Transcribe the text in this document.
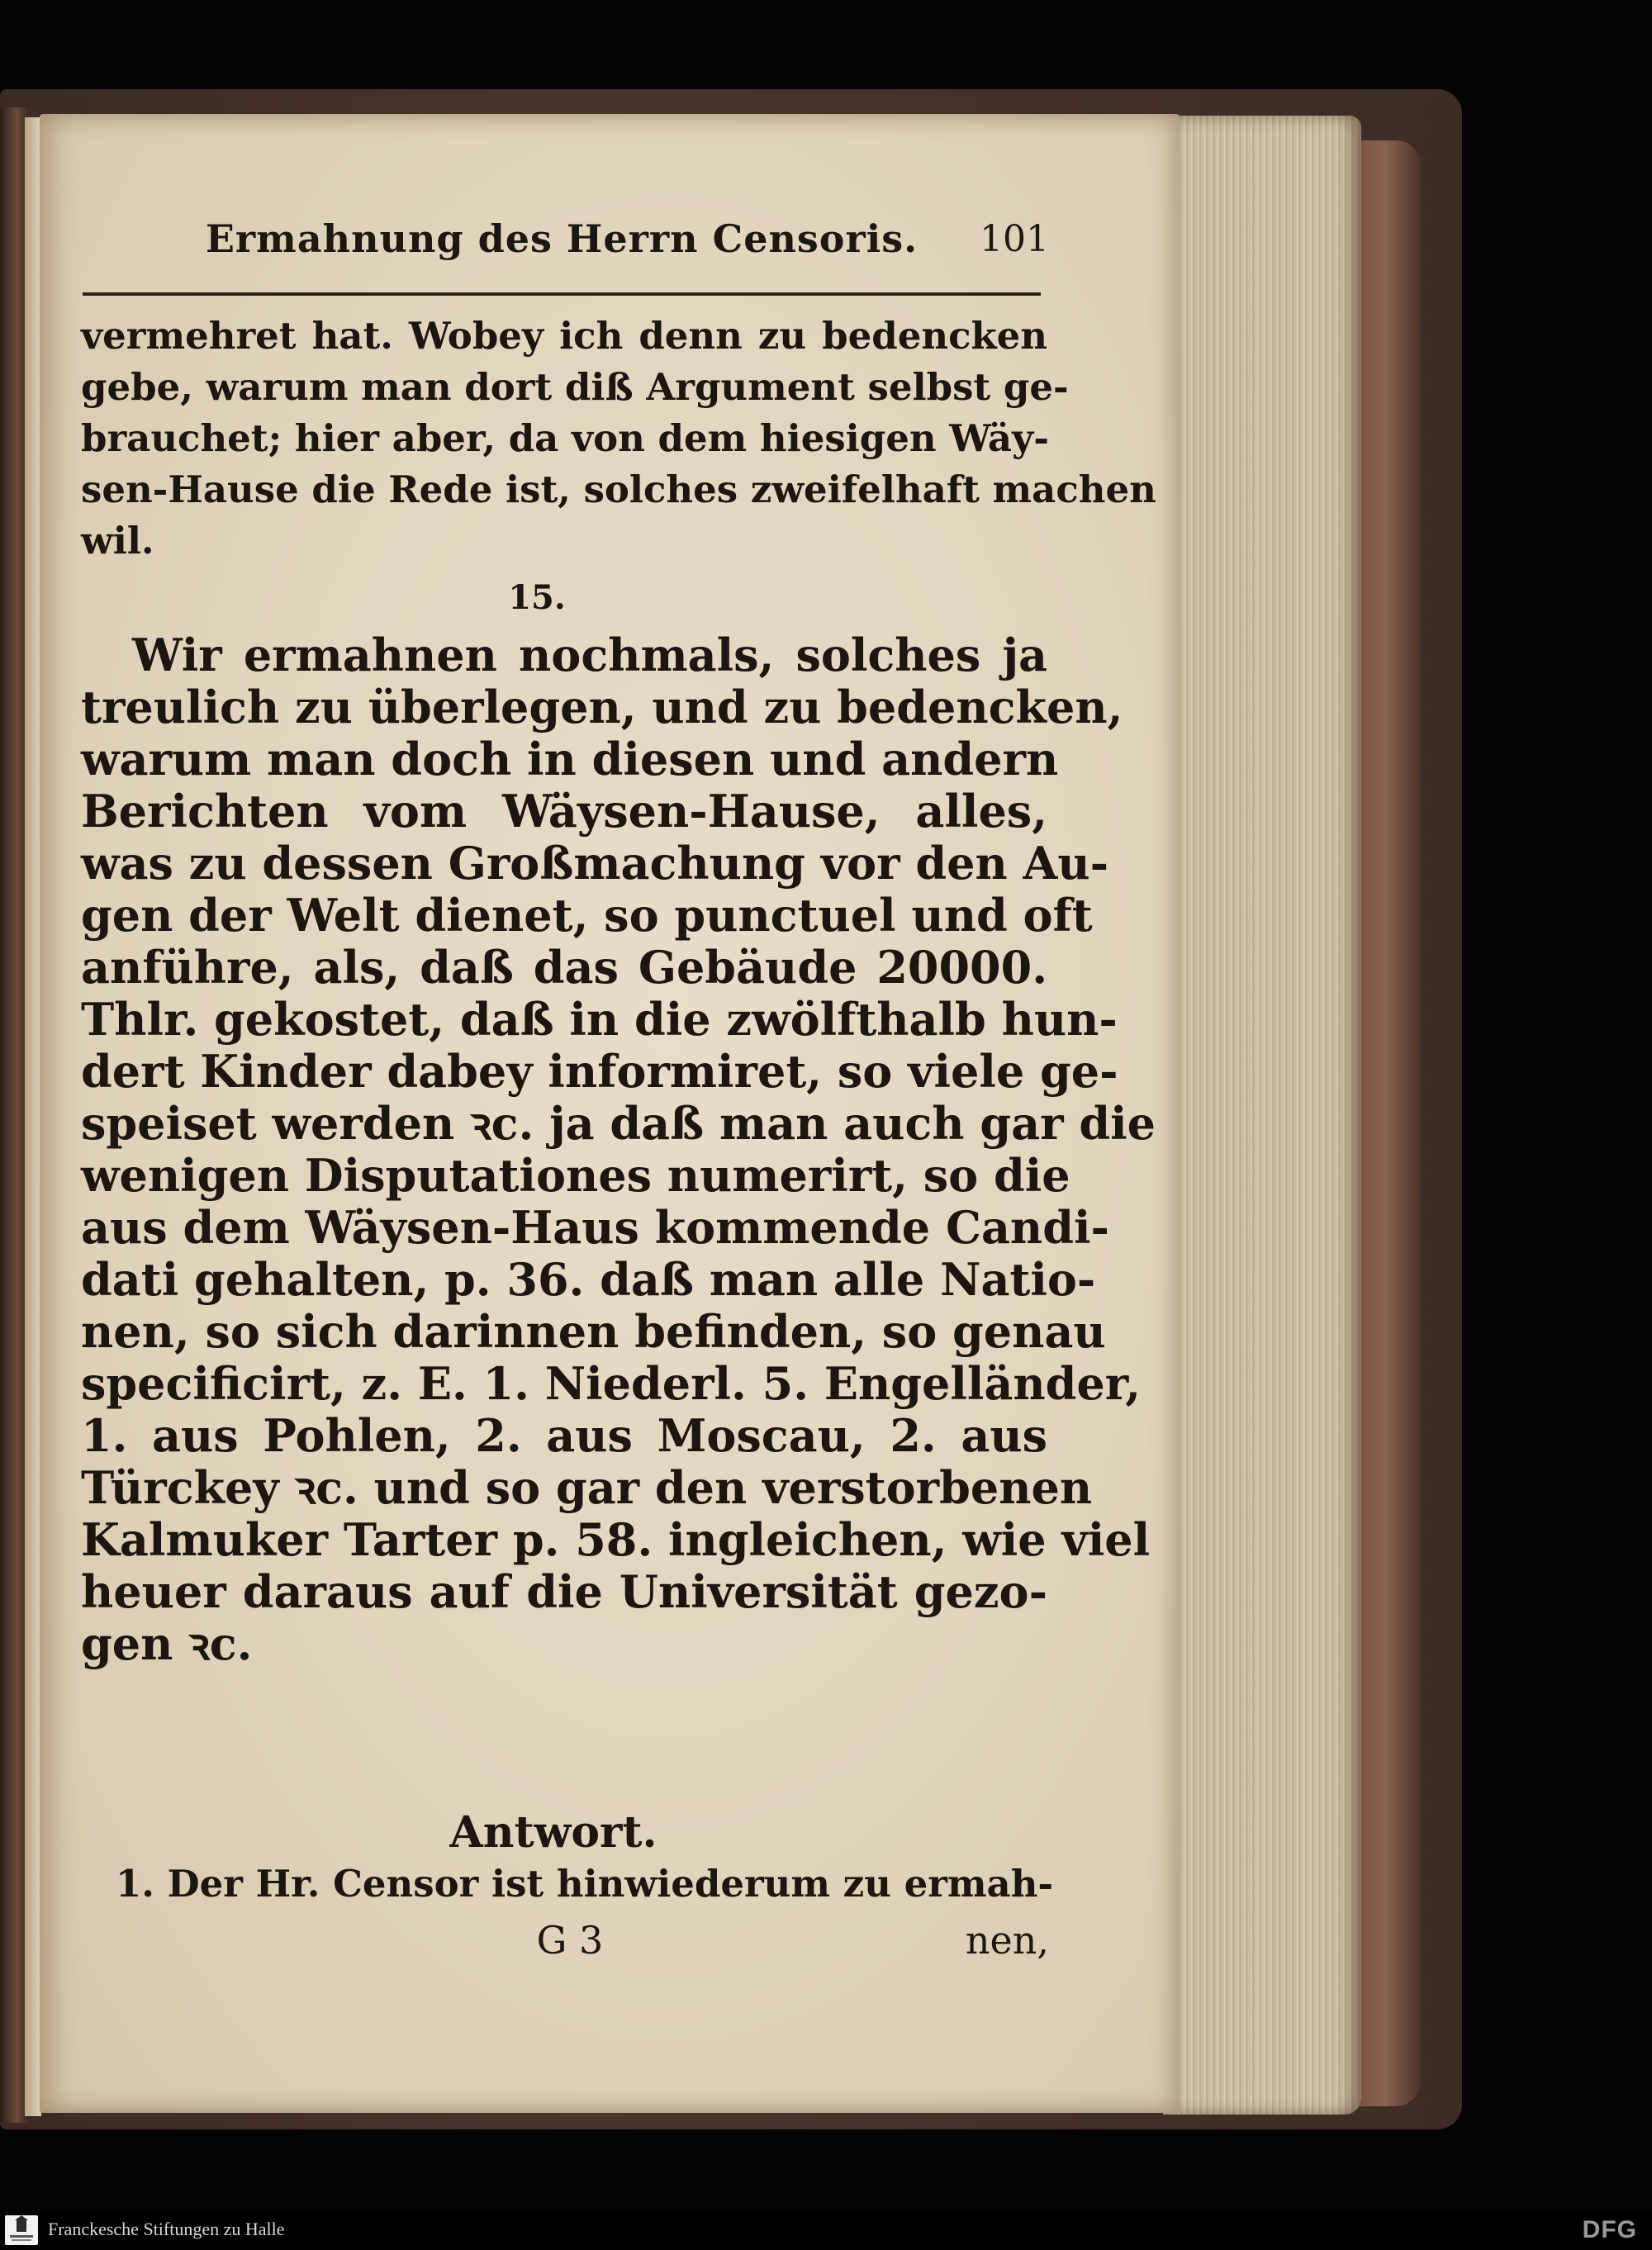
Ermahnung des Herrn Censoris.	101
vermehret hat. Wobey ich denn zu bedencken
gebe, warum man dort diß Argument selbst ge-
brauchet; hier aber, da von dem hiesigen Wäy-
sen-Hause die Rede ist, solches zweifelhaft machen
wil.
15.
Wir ermahnen nochmals, solches ja
treulich zu überlegen, und zu bedencken,
warum man doch in diesen und andern
Berichten vom Wäysen-Hause, alles,
was zu dessen Großmachung vor den Au-
gen der Welt dienet, so punctuel und oft
anführe, als, daß das Gebäude 20000.
Thlr. gekostet, daß in die zwölfthalb hun-
dert Kinder dabey informiret, so viele ge-
speiset werden ꝛc. ja daß man auch gar die
wenigen Disputationes numerirt, so die
aus dem Wäysen-Haus kommende Candi-
dati gehalten, p. 36. daß man alle Natio-
nen, so sich darinnen befinden, so genau
specificirt, z. E. 1. Niederl. 5. Engelländer,
1. aus Pohlen, 2. aus Moscau, 2. aus
Türckey ꝛc. und so gar den verstorbenen
Kalmuker Tarter p. 58. ingleichen, wie viel
heuer daraus auf die Universität gezo-
gen ꝛc.
Antwort.
1. Der Hr. Censor ist hinwiederum zu ermah-
G 3	nen,
Franckesche Stiftungen zu Halle	DFG
